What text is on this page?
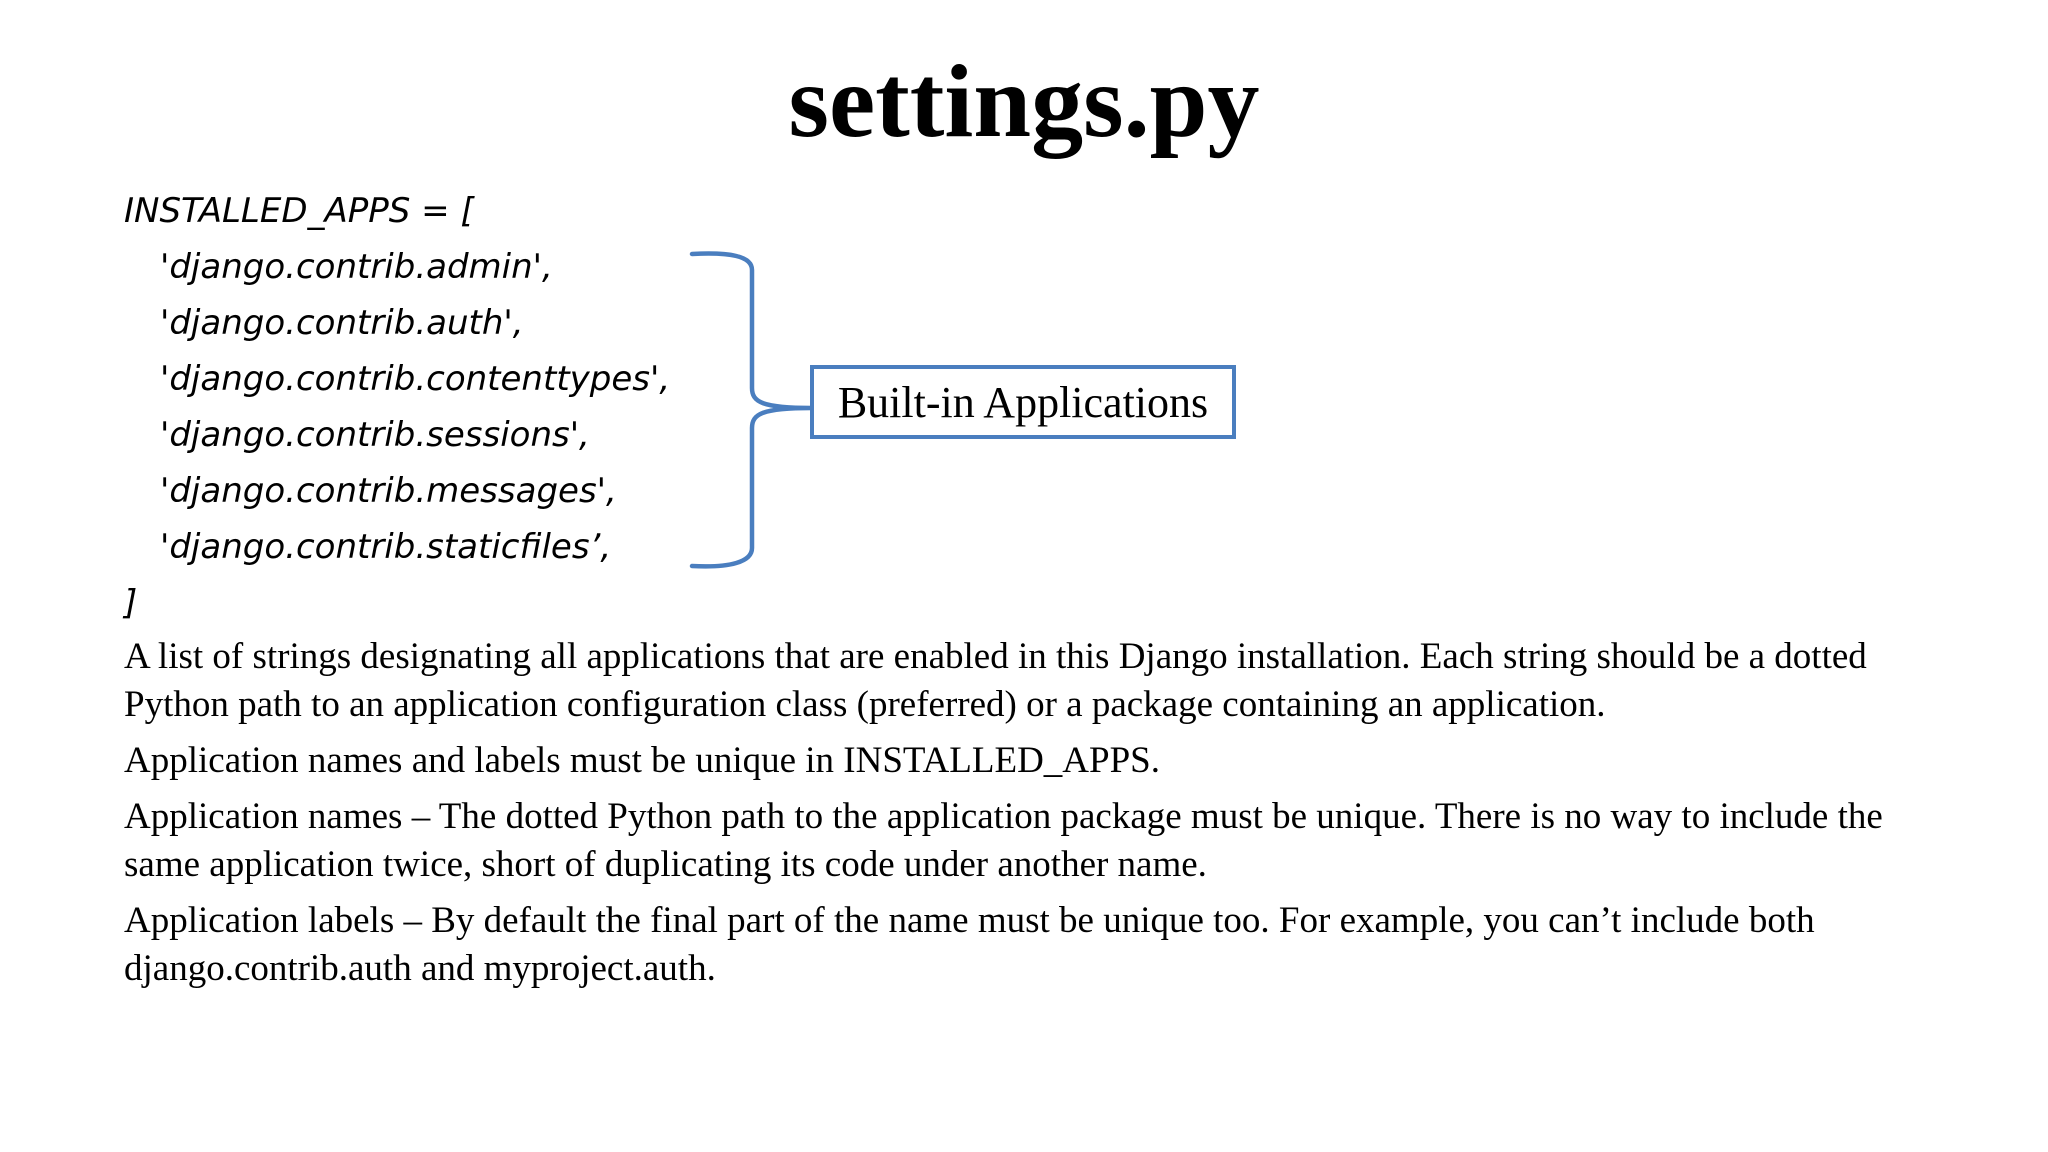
settings.py
INSTALLED_APPS = [
'django.contrib.admin',
'django.contrib.auth',
'django.contrib.contenttypes',
'django.contrib.sessions',
'django.contrib.messages',
'django.contrib.staticfiles’,
]
Built-in Applications

A list of strings designating all applications that are enabled in this Django installation. Each string should be a dotted Python path to an application configuration class (preferred) or a package containing an application.

Application names and labels must be unique in INSTALLED_APPS.

Application names – The dotted Python path to the application package must be unique. There is no way to include the same application twice, short of duplicating its code under another name.

Application labels – By default the final part of the name must be unique too. For example, you can’t include both django.contrib.auth and myproject.auth.
